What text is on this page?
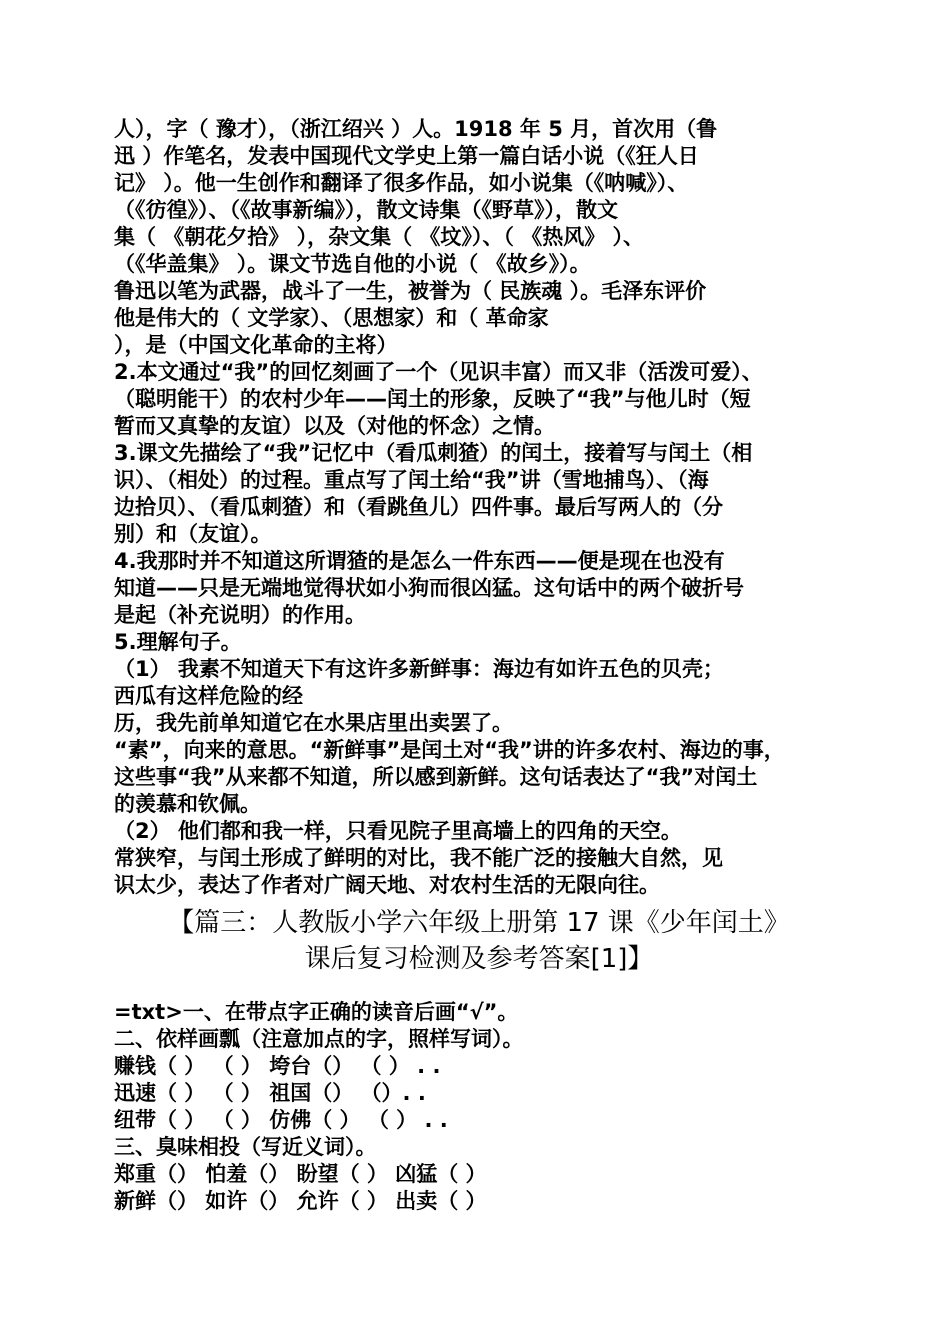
人），字（ 豫才），（浙江绍兴 ）人。1918 年 5 月，首次用（鲁

迅 ）作笔名，发表中国现代文学史上第一篇白话小说（《狂人日

记》 ）。他一生创作和翻译了很多作品，如小说集（《呐喊》）、

（《彷徨》）、（《故事新编》），散文诗集（《野草》），散文

集（ 《朝花夕拾》 ），杂文集（ 《坟》）、（ 《热风》 ）、

（《华盖集》 ）。课文节选自他的小说（ 《故乡》）。

鲁迅以笔为武器，战斗了一生，被誉为（ 民族魂 ）。毛泽东评价

他是伟大的（ 文学家）、（思想家）和（ 革命家

），是（中国文化革命的主将）

2.本文通过“我”的回忆刻画了一个（见识丰富）而又非（活泼可爱）、

（聪明能干）的农村少年——闰土的形象，反映了“我”与他儿时（短

暂而又真挚的友谊）以及（对他的怀念）之情。

3.课文先描绘了“我”记忆中（看瓜刺猹）的闰土，接着写与闰土（相

识）、（相处）的过程。重点写了闰土给“我”讲（雪地捕鸟）、（海

边拾贝）、（看瓜刺猹）和（看跳鱼儿）四件事。最后写两人的（分

别）和（友谊）。

4.我那时并不知道这所谓猹的是怎么一件东西——便是现在也没有

知道——只是无端地觉得状如小狗而很凶猛。这句话中的两个破折号

是起（补充说明）的作用。

5.理解句子。

（1） 我素不知道天下有这许多新鲜事：海边有如许五色的贝壳；

西瓜有这样危险的经

历，我先前单知道它在水果店里出卖罢了。

“素”，向来的意思。“新鲜事”是闰土对“我”讲的许多农村、海边的事，

这些事“我”从来都不知道，所以感到新鲜。这句话表达了“我”对闰土

的羡慕和钦佩。

（2） 他们都和我一样，只看见院子里高墙上的四角的天空。

常狭窄，与闰土形成了鲜明的对比，我不能广泛的接触大自然，见

识太少，表达了作者对广阔天地、对农村生活的无限向往。

【篇三：人教版小学六年级上册第 17 课《少年闰土》

课后复习检测及参考答案[1]】

=txt>一、在带点字正确的读音后画“√”。

二、依样画瓢（注意加点的字，照样写词）。

赚钱（ ） （ ） 垮台（） （ ） . .

迅速（ ） （ ） 祖国（） （）. .

纽带（ ） （ ） 仿佛（ ） （ ） . .

三、臭味相投（写近义词）。

郑重（） 怕羞（） 盼望（ ） 凶猛（ ）

新鲜（） 如许（） 允许（ ） 出卖（ ）
